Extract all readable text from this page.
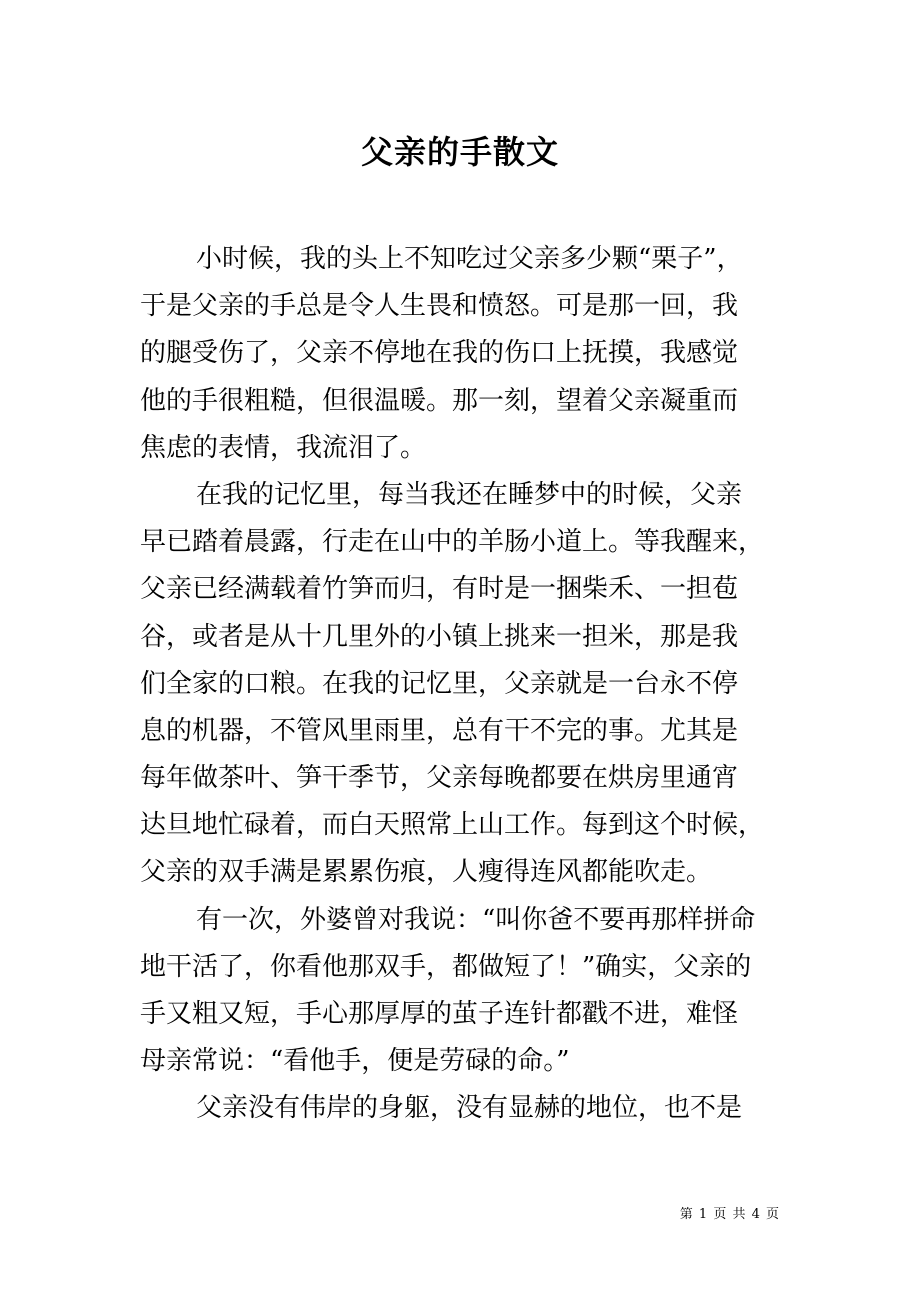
父亲的手散文
小时候，我的头上不知吃过父亲多少颗“栗子”，
于是父亲的手总是令人生畏和愤怒。可是那一回，我
的腿受伤了，父亲不停地在我的伤口上抚摸，我感觉
他的手很粗糙，但很温暖。那一刻，望着父亲凝重而
焦虑的表情，我流泪了。
在我的记忆里，每当我还在睡梦中的时候，父亲
早已踏着晨露，行走在山中的羊肠小道上。等我醒来，
父亲已经满载着竹笋而归，有时是一捆柴禾、一担苞
谷，或者是从十几里外的小镇上挑来一担米，那是我
们全家的口粮。在我的记忆里，父亲就是一台永不停
息的机器，不管风里雨里，总有干不完的事。尤其是
每年做茶叶、笋干季节，父亲每晚都要在烘房里通宵
达旦地忙碌着，而白天照常上山工作。每到这个时候，
父亲的双手满是累累伤痕，人瘦得连风都能吹走。
有一次，外婆曾对我说：“叫你爸不要再那样拼命
地干活了，你看他那双手，都做短了！”确实，父亲的
手又粗又短，手心那厚厚的茧子连针都戳不进，难怪
母亲常说：“看他手，便是劳碌的命。”
父亲没有伟岸的身躯，没有显赫的地位，也不是
第 1 页 共 4 页
